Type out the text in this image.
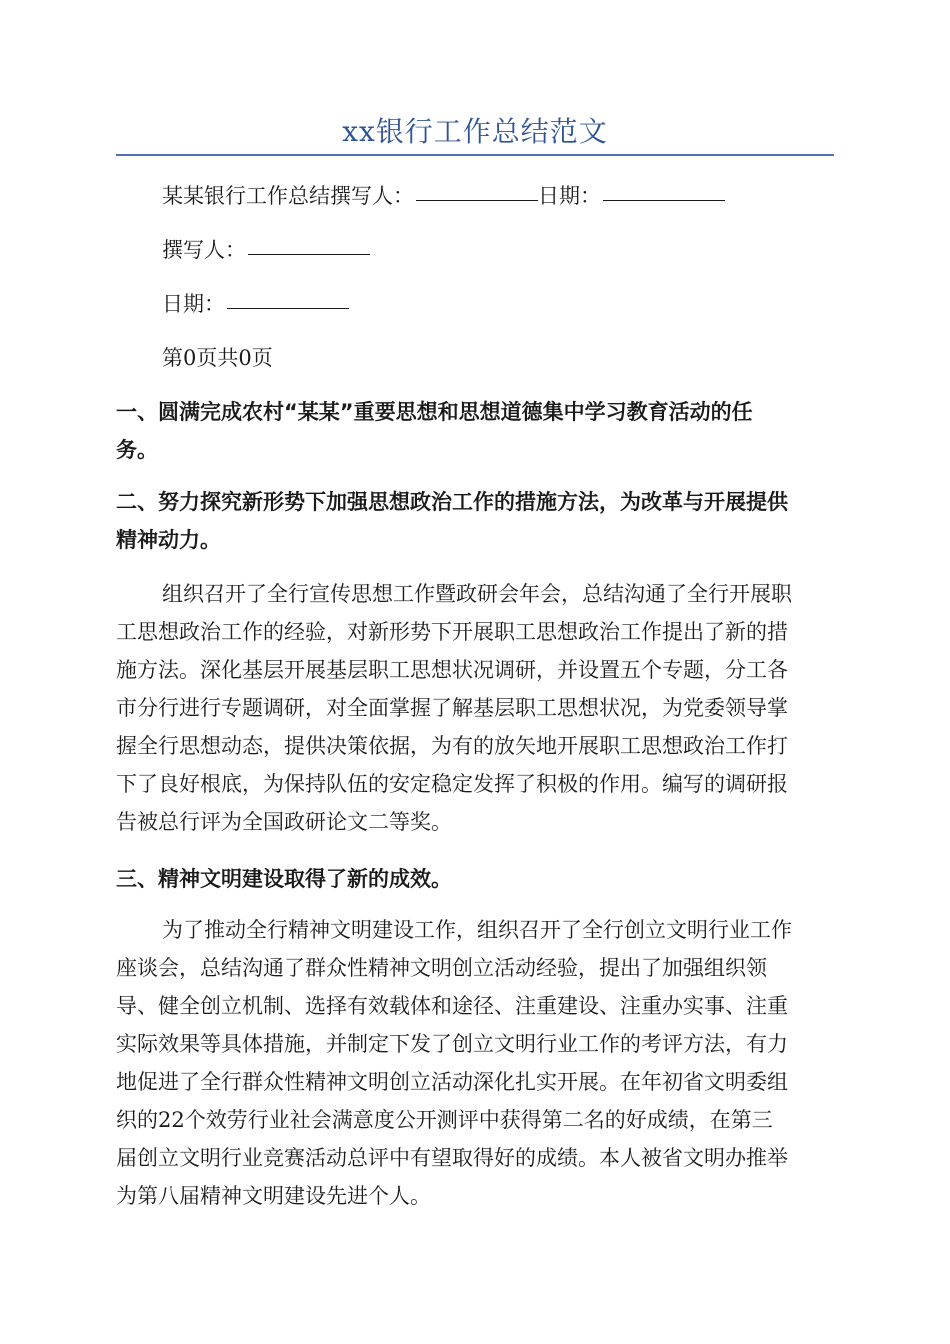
xx银行工作总结范文
某某银行工作总结撰写人：	日期：
撰写人：
日期：
第0页共0页
一、圆满完成农村“某某”重要思想和思想道德集中学习教育活动的任
务。
二、努力探究新形势下加强思想政治工作的措施方法，为改革与开展提供
精神动力。
组织召开了全行宣传思想工作暨政研会年会，总结沟通了全行开展职
工思想政治工作的经验，对新形势下开展职工思想政治工作提出了新的措
施方法。深化基层开展基层职工思想状况调研，并设置五个专题，分工各
市分行进行专题调研，对全面掌握了解基层职工思想状况，为党委领导掌
握全行思想动态，提供决策依据，为有的放矢地开展职工思想政治工作打
下了良好根底，为保持队伍的安定稳定发挥了积极的作用。编写的调研报
告被总行评为全国政研论文二等奖。
三、精神文明建设取得了新的成效。
为了推动全行精神文明建设工作，组织召开了全行创立文明行业工作
座谈会，总结沟通了群众性精神文明创立活动经验，提出了加强组织领
导、健全创立机制、选择有效载体和途径、注重建设、注重办实事、注重
实际效果等具体措施，并制定下发了创立文明行业工作的考评方法，有力
地促进了全行群众性精神文明创立活动深化扎实开展。在年初省文明委组
织的22个效劳行业社会满意度公开测评中获得第二名的好成绩，在第三
届创立文明行业竞赛活动总评中有望取得好的成绩。本人被省文明办推举
为第八届精神文明建设先进个人。
